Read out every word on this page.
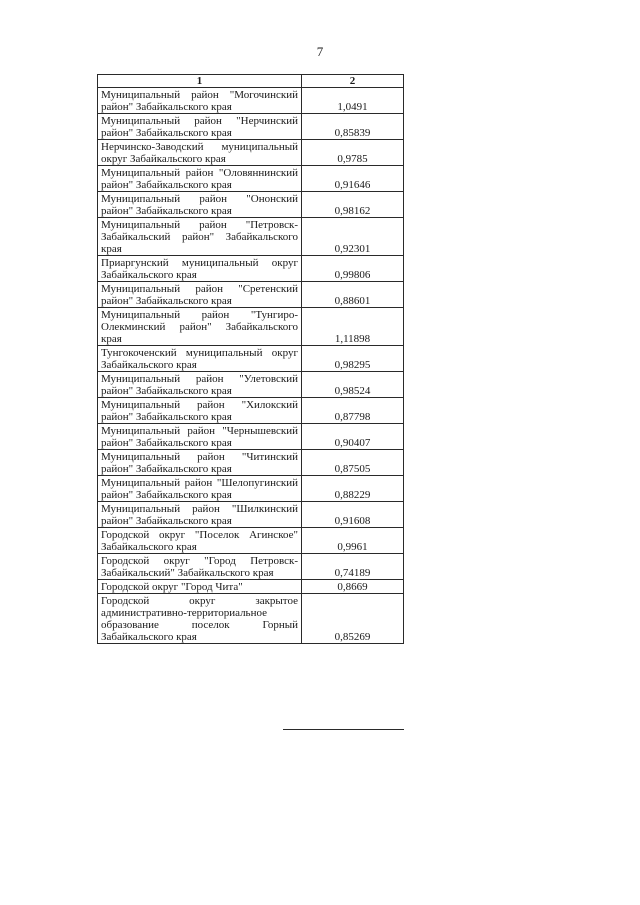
7
1	2
Муниципальный район "Могочинский район" Забайкальского края	1,0491
Муниципальный район "Нерчинский район" Забайкальского края	0,85839
Нерчинско-Заводский муниципальный округ Забайкальского края	0,9785
Муниципальный район "Оловяннинский район" Забайкальского края	0,91646
Муниципальный район "Ононский район" Забайкальского края	0,98162
Муниципальный район "Петровск-Забайкальский район" Забайкальского края	0,92301
Приаргунский муниципальный округ Забайкальского края	0,99806
Муниципальный район "Сретенский район" Забайкальского края	0,88601
Муниципальный район "Тунгиро-Олекминский район" Забайкальского края	1,11898
Тунгокоченский муниципальный округ Забайкальского края	0,98295
Муниципальный район "Улетовский район" Забайкальского края	0,98524
Муниципальный район "Хилокский район" Забайкальского края	0,87798
Муниципальный район "Чернышевский район" Забайкальского края	0,90407
Муниципальный район "Читинский район" Забайкальского края	0,87505
Муниципальный район "Шелопугинский район" Забайкальского края	0,88229
Муниципальный район "Шилкинский район" Забайкальского края	0,91608
Городской округ "Поселок Агинское" Забайкальского края	0,9961
Городской округ "Город Петровск-Забайкальский" Забайкальского края	0,74189
Городской округ "Город Чита"	0,8669
Городской округ закрытое административно-территориальное образование поселок Горный Забайкальского края	0,85269
